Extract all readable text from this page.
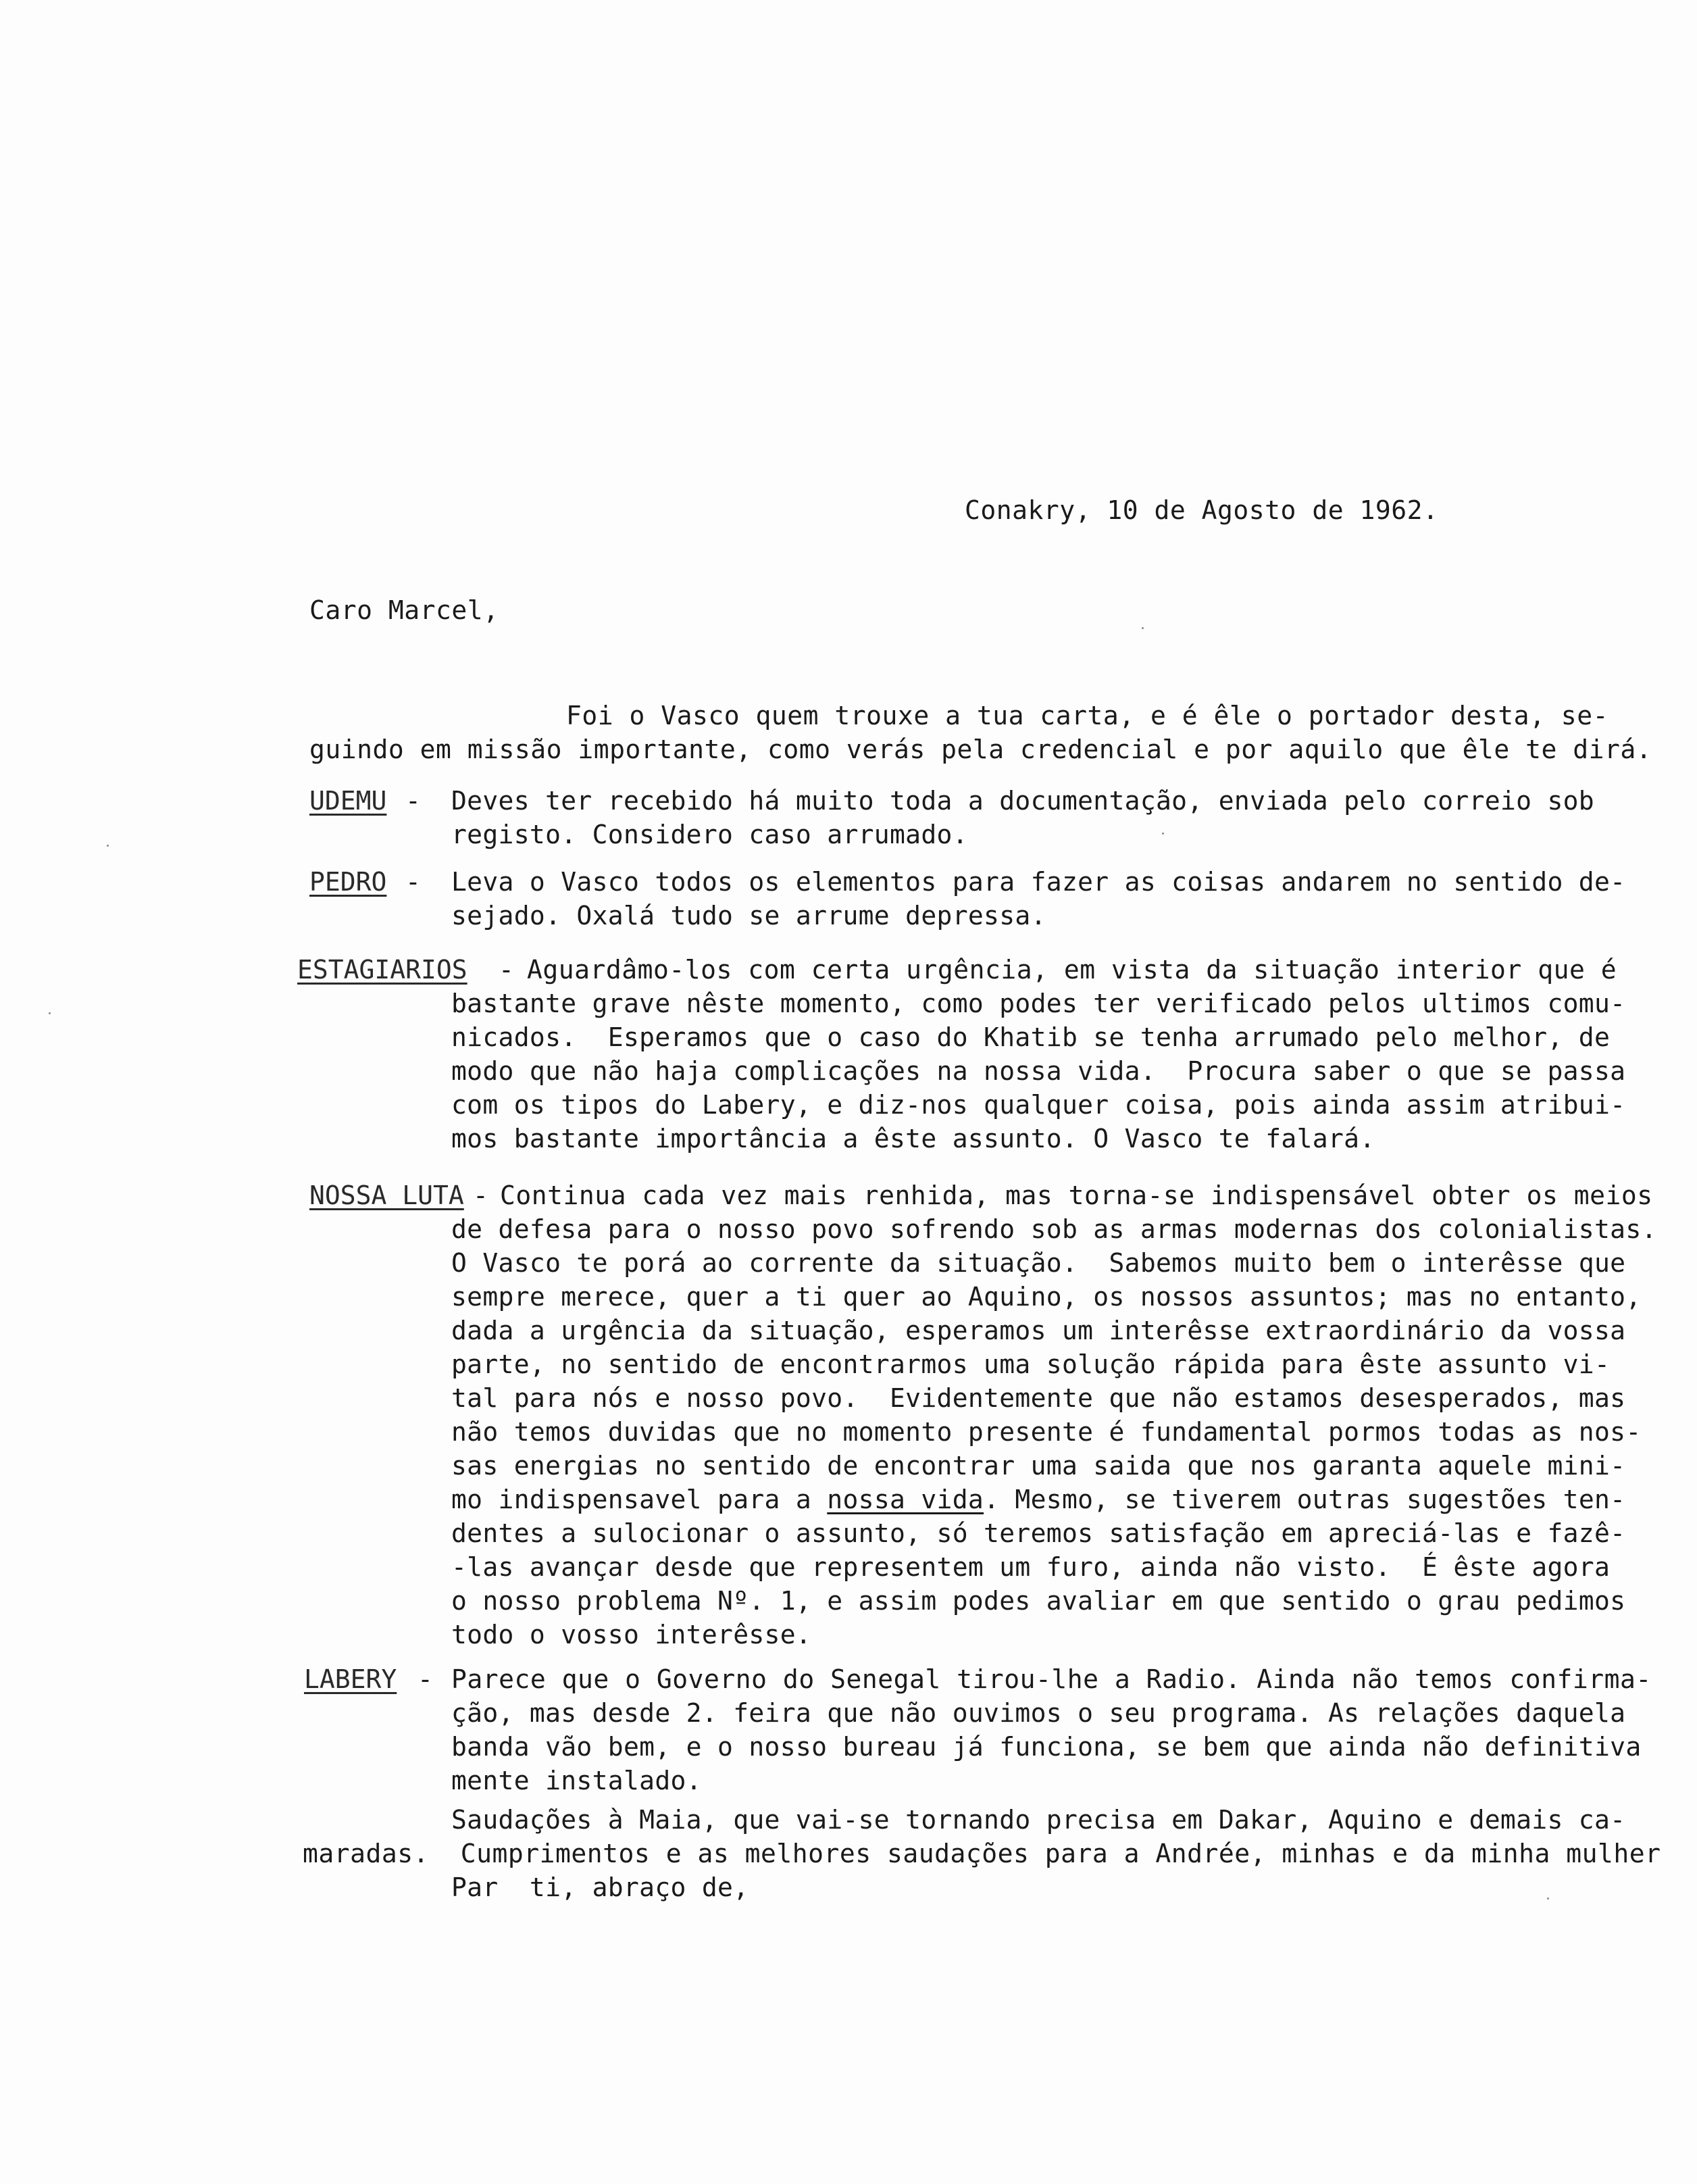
Conakry, 10 de Agosto de 1962.
Caro Marcel,
Foi o Vasco quem trouxe a tua carta, e é êle o portador desta, se-
guindo em missão importante, como verás pela credencial e por aquilo que êle te dirá.
UDEMU - Deves ter recebido há muito toda a documentação, enviada pelo correio sob
registo. Considero caso arrumado.
PEDRO - Leva o Vasco todos os elementos para fazer as coisas andarem no sentido de-
sejado. Oxalá tudo se arrume depressa.
ESTAGIARIOS - Aguardâmo-los com certa urgência, em vista da situação interior que é
bastante grave nêste momento, como podes ter verificado pelos ultimos comu-
nicados.  Esperamos que o caso do Khatib se tenha arrumado pelo melhor, de
modo que não haja complicações na nossa vida.  Procura saber o que se passa
com os tipos do Labery, e diz-nos qualquer coisa, pois ainda assim atribui-
mos bastante importância a êste assunto. O Vasco te falará.
NOSSA LUTA - Continua cada vez mais renhida, mas torna-se indispensável obter os meios
de defesa para o nosso povo sofrendo sob as armas modernas dos colonialistas.
O Vasco te porá ao corrente da situação.  Sabemos muito bem o interêsse que
sempre merece, quer a ti quer ao Aquino, os nossos assuntos; mas no entanto,
dada a urgência da situação, esperamos um interêsse extraordinário da vossa
parte, no sentido de encontrarmos uma solução rápida para êste assunto vi-
tal para nós e nosso povo.  Evidentemente que não estamos desesperados, mas
não temos duvidas que no momento presente é fundamental pormos todas as nos-
sas energias no sentido de encontrar uma saida que nos garanta aquele mini-
mo indispensavel para a nossa vida. Mesmo, se tiverem outras sugestões ten-
dentes a sulocionar o assunto, só teremos satisfação em apreciá-las e fazê-
-las avançar desde que representem um furo, ainda não visto.  É êste agora
o nosso problema Nº. 1, e assim podes avaliar em que sentido o grau pedimos
todo o vosso interêsse.
LABERY - Parece que o Governo do Senegal tirou-lhe a Radio. Ainda não temos confirma-
ção, mas desde 2. feira que não ouvimos o seu programa. As relações daquela
banda vão bem, e o nosso bureau já funciona, se bem que ainda não definitiva
mente instalado.
Saudações à Maia, que vai-se tornando precisa em Dakar, Aquino e demais ca-
maradas.  Cumprimentos e as melhores saudações para a Andrée, minhas e da minha mulher
Par  ti, abraço de,
